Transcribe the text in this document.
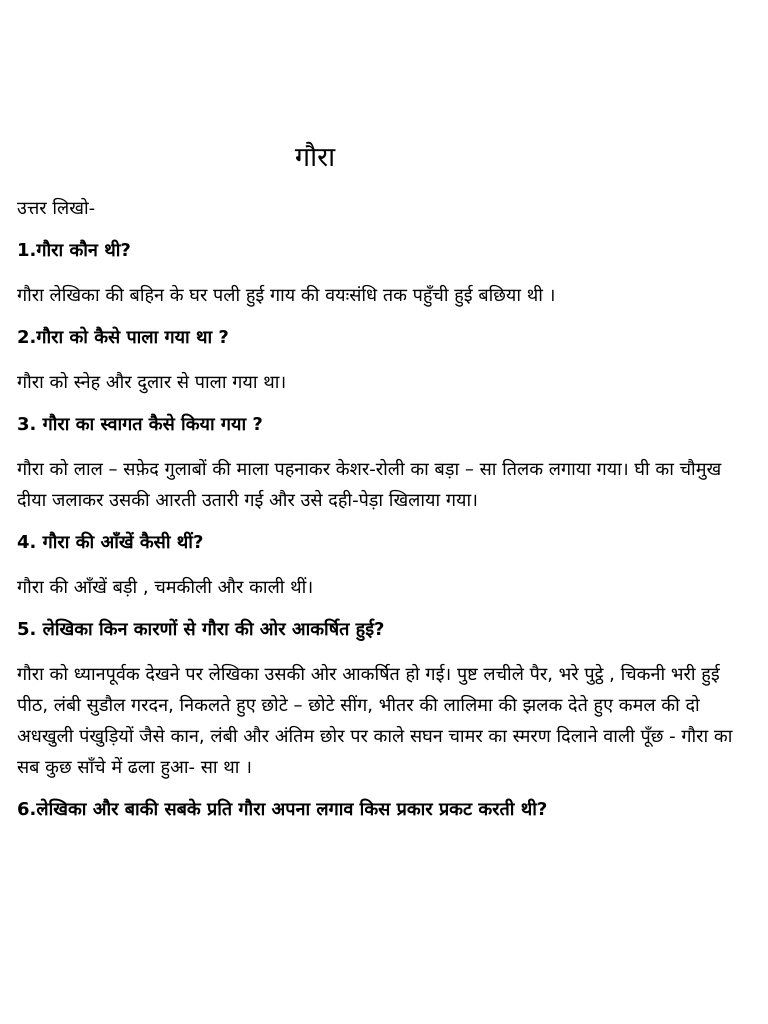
गौरा
उत्तर लिखो-
1.गौरा कौन थी?
गौरा लेखिका की बहिन के घर पली हुई गाय की वयःसंधि तक पहुँची हुई बछिया थी ।
2.गौरा को कैसे पाला गया था ?
गौरा को स्नेह और दुलार से पाला गया था।
3. गौरा का स्वागत कैसे किया गया ?
गौरा को लाल – सफ़ेद गुलाबों की माला पहनाकर केशर-रोली का बड़ा – सा तिलक लगाया गया। घी का चौमुख दीया जलाकर उसकी आरती उतारी गई और उसे दही-पेड़ा खिलाया गया।
4. गौरा की आँखें कैसी थीं?
गौरा की आँखें बड़ी , चमकीली और काली थीं।
5. लेखिका किन कारणों से गौरा की ओर आकर्षित हुई?
गौरा को ध्यानपूर्वक देखने पर लेखिका उसकी ओर आकर्षित हो गई। पुष्ट लचीले पैर, भरे पुट्ठे , चिकनी भरी हुई पीठ, लंबी सुडौल गरदन, निकलते हुए छोटे – छोटे सींग, भीतर की लालिमा की झलक देते हुए कमल की दो अधखुली पंखुड़ियों जैसे कान, लंबी और अंतिम छोर पर काले सघन चामर का स्मरण दिलाने वाली पूँछ - गौरा का सब कुछ साँचे में ढला हुआ- सा था ।
6.लेखिका और बाकी सबके प्रति गौरा अपना लगाव किस प्रकार प्रकट करती थी?
